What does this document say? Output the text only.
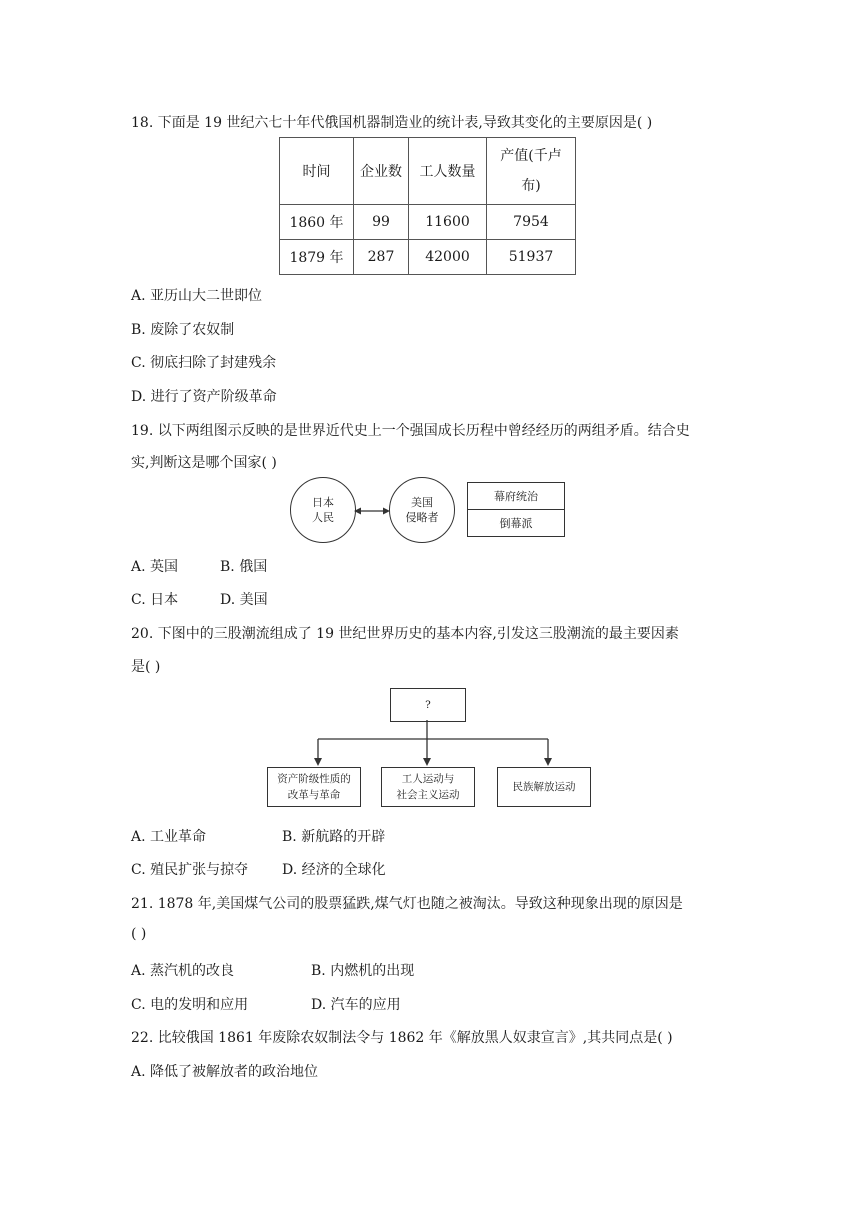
18. 下面是 19 世纪六七十年代俄国机器制造业的统计表,导致其变化的主要原因是( )
时间	企业数	工人数量	产值(千卢
布)
1860 年	99	11600	7954
1879 年	287	42000	51937
A. 亚历山大二世即位
B. 废除了农奴制
C. 彻底扫除了封建残余
D. 进行了资产阶级革命
19. 以下两组图示反映的是世界近代史上一个强国成长历程中曾经经历的两组矛盾。结合史
实,判断这是哪个国家( )
日本
人民
美国
侵略者
幕府统治
倒幕派
A. 英国	B. 俄国
C. 日本	D. 美国
20. 下图中的三股潮流组成了 19 世纪世界历史的基本内容,引发这三股潮流的最主要因素
是( )
?
资产阶级性质的
改革与革命
工人运动与
社会主义运动
民族解放运动
A. 工业革命	B. 新航路的开辟
C. 殖民扩张与掠夺 D. 经济的全球化
21. 1878 年,美国煤气公司的股票猛跌,煤气灯也随之被淘汰。导致这种现象出现的原因是
( )
A. 蒸汽机的改良	B. 内燃机的出现
C. 电的发明和应用	D. 汽车的应用
22. 比较俄国 1861 年废除农奴制法令与 1862 年《解放黑人奴隶宣言》,其共同点是( )
A. 降低了被解放者的政治地位
